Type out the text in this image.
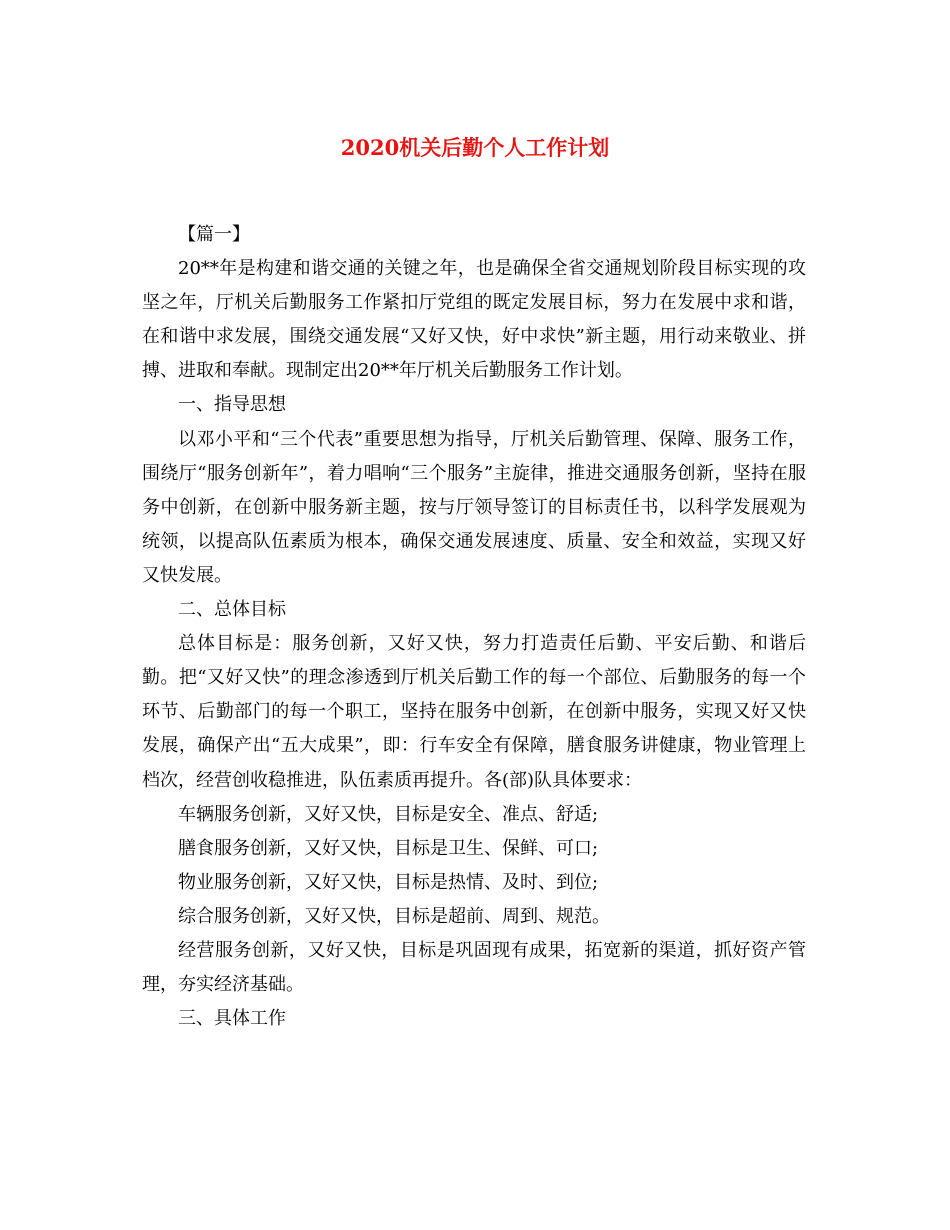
2020机关后勤个人工作计划

【篇一】

20**年是构建和谐交通的关键之年，也是确保全省交通规划阶段目标实现的攻坚之年，厅机关后勤服务工作紧扣厅党组的既定发展目标，努力在发展中求和谐，在和谐中求发展，围绕交通发展“又好又快，好中求快”新主题，用行动来敬业、拼搏、进取和奉献。现制定出20**年厅机关后勤服务工作计划。

一、指导思想

以邓小平和“三个代表”重要思想为指导，厅机关后勤管理、保障、服务工作，围绕厅“服务创新年”，着力唱响“三个服务”主旋律，推进交通服务创新，坚持在服务中创新，在创新中服务新主题，按与厅领导签订的目标责任书，以科学发展观为统领，以提高队伍素质为根本，确保交通发展速度、质量、安全和效益，实现又好又快发展。

二、总体目标

总体目标是：服务创新，又好又快，努力打造责任后勤、平安后勤、和谐后勤。把“又好又快”的理念渗透到厅机关后勤工作的每一个部位、后勤服务的每一个环节、后勤部门的每一个职工，坚持在服务中创新，在创新中服务，实现又好又快发展，确保产出“五大成果”，即：行车安全有保障，膳食服务讲健康，物业管理上档次，经营创收稳推进，队伍素质再提升。各(部)队具体要求：

车辆服务创新，又好又快，目标是安全、准点、舒适;

膳食服务创新，又好又快，目标是卫生、保鲜、可口;

物业服务创新，又好又快，目标是热情、及时、到位;

综合服务创新，又好又快，目标是超前、周到、规范。

经营服务创新，又好又快，目标是巩固现有成果，拓宽新的渠道，抓好资产管理，夯实经济基础。

三、具体工作
